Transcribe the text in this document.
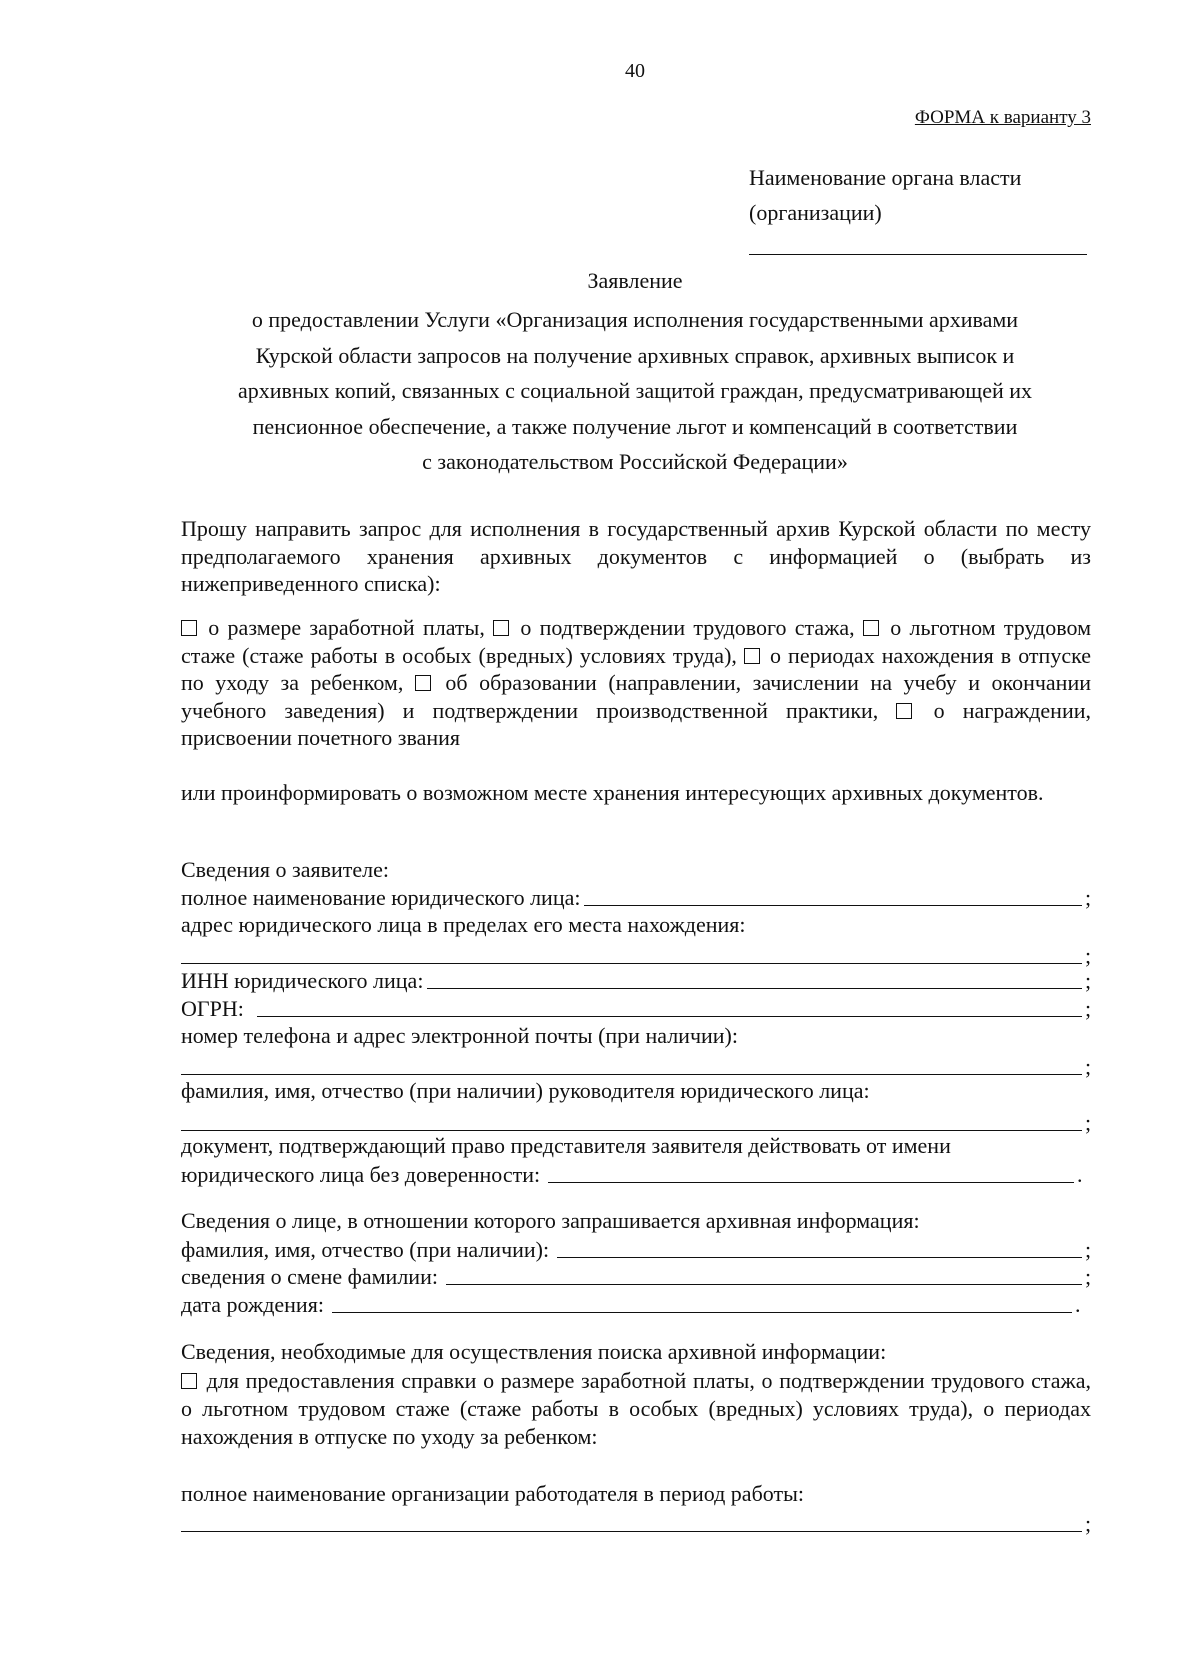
40
ФОРМА к варианту 3
Наименование органа власти
(организации)
Заявление
о предоставлении Услуги «Организация исполнения государственными архивами
Курской области запросов на получение архивных справок, архивных выписок и
архивных копий, связанных с социальной защитой граждан, предусматривающей их
пенсионное обеспечение, а также получение льгот и компенсаций в соответствии
с законодательством Российской Федерации»
Прошу направить запрос для исполнения в государственный архив Курской области по месту предполагаемого хранения архивных документов с информацией о (выбрать из нижеприведенного списка):
о размере заработной платы,  о подтверждении трудового стажа,  о льготном трудовом стаже (стаже работы в особых (вредных) условиях труда),  о периодах нахождения в отпуске по уходу за ребенком,  об образовании (направлении, зачислении на учебу и окончании учебного заведения) и подтверждении производственной практики,  о награждении, присвоении почетного звания
или проинформировать о возможном месте хранения интересующих архивных документов.
Сведения о заявителе:
полное наименование юридического лица:	;
адрес юридического лица в пределах его места нахождения:
;
ИНН юридического лица:	;
ОГРН:	;
номер телефона и адрес электронной почты (при наличии):
;
фамилия, имя, отчество (при наличии) руководителя юридического лица:
;
документ, подтверждающий право представителя заявителя действовать от имени
юридического лица без доверенности:	.
Сведения о лице, в отношении которого запрашивается архивная информация:
фамилия, имя, отчество (при наличии):	;
сведения о смене фамилии:	;
дата рождения:	.
Сведения, необходимые для осуществления поиска архивной информации:
для предоставления справки о размере заработной платы, о подтверждении трудового стажа, о льготном трудовом стаже (стаже работы в особых (вредных) условиях труда), о периодах нахождения в отпуске по уходу за ребенком:
полное наименование организации работодателя в период работы:
;
